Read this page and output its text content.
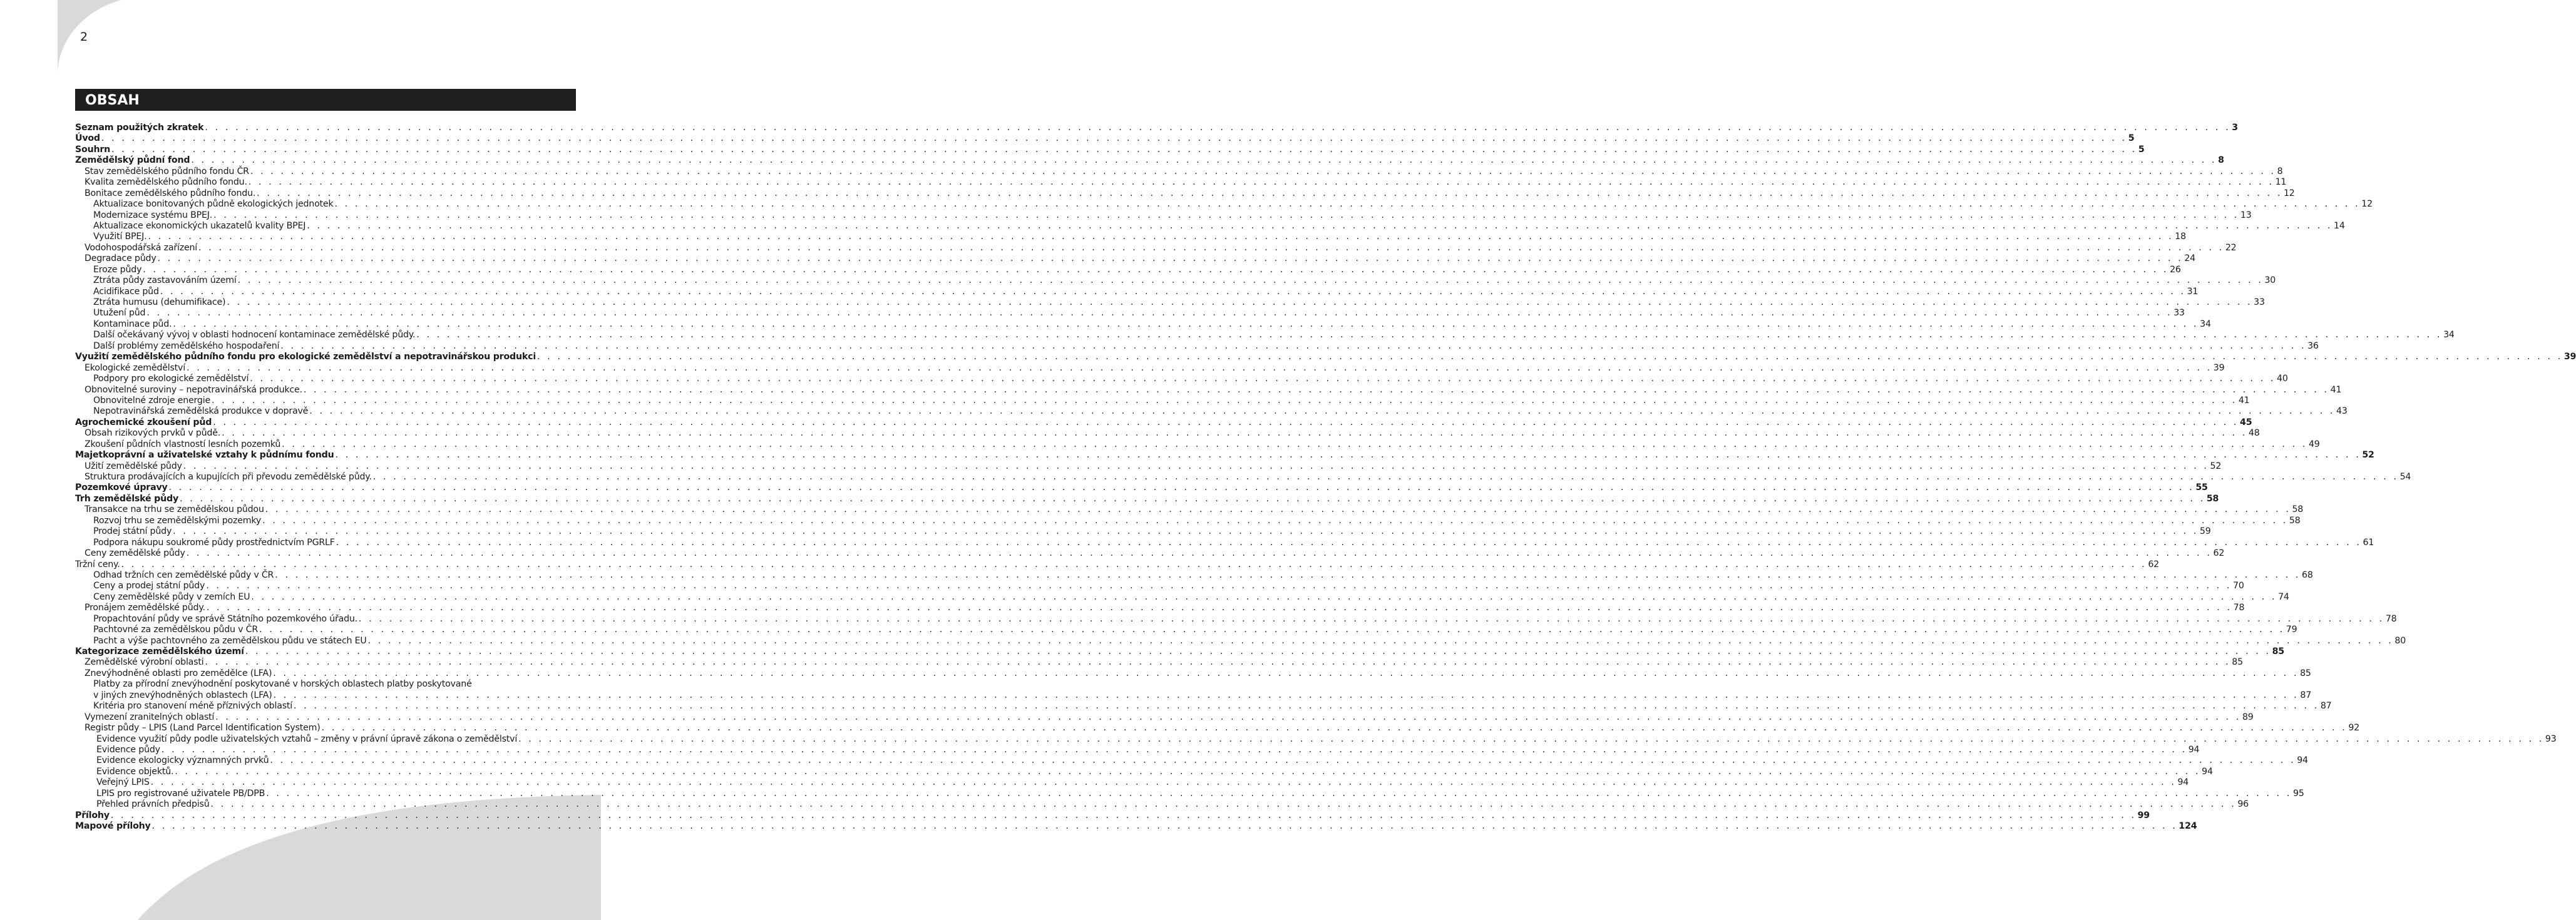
2
OBSAH
Seznam použitých zkratek . . . . . . . . . . . . . . . . . . . . . . . . . . . . . . . . . . . . . . . . . . . . . . . . . . . . . . . . . . . . . . . . . . . . . . . . . . . . . . . . . . . . . . . . . . . . . . . . . . . . . . . . . . . . . . . . . . . . . . . . . . . . . . . . . . . . . . . . . . . . . . . . . . . . . . . . . . . . . . . . . . . . . . . . . . . . . . . . . . . . . . . . . . . . . . . . . . . . . . . . 3
Úvod . . . . . . . . . . . . . . . . . . . . . . . . . . . . . . . . . . . . . . . . . . . . . . . . . . . . . . . . . . . . . . . . . . . . . . . . . . . . . . . . . . . . . . . . . . . . . . . . . . . . . . . . . . . . . . . . . . . . . . . . . . . . . . . . . . . . . . . . . . . . . . . . . . . . . . . . . . . . . . . . . . . . . . . . . . . . . . . . . . . . . . . . . . . . . . . . . . . . . . . . 5
Souhrn . . . . . . . . . . . . . . . . . . . . . . . . . . . . . . . . . . . . . . . . . . . . . . . . . . . . . . . . . . . . . . . . . . . . . . . . . . . . . . . . . . . . . . . . . . . . . . . . . . . . . . . . . . . . . . . . . . . . . . . . . . . . . . . . . . . . . . . . . . . . . . . . . . . . . . . . . . . . . . . . . . . . . . . . . . . . . . . . . . . . . . . . . . . . . . . . . . . . . . . . 5
Zemědělský půdní fond . . . . . . . . . . . . . . . . . . . . . . . . . . . . . . . . . . . . . . . . . . . . . . . . . . . . . . . . . . . . . . . . . . . . . . . . . . . . . . . . . . . . . . . . . . . . . . . . . . . . . . . . . . . . . . . . . . . . . . . . . . . . . . . . . . . . . . . . . . . . . . . . . . . . . . . . . . . . . . . . . . . . . . . . . . . . . . . . . . . . . . . . . . . . . . . . . . . . . . . . 8
Stav zemědělského půdního fondu ČR . . . . . . . . . . . . . . . . . . . . . . . . . . . . . . . . . . . . . . . . . . . . . . . . . . . . . . . . . . . . . . . . . . . . . . . . . . . . . . . . . . . . . . . . . . . . . . . . . . . . . . . . . . . . . . . . . . . . . . . . . . . . . . . . . . . . . . . . . . . . . . . . . . . . . . . . . . . . . . . . . . . . . . . . . . . . . . . . . . . . . . . . . . . . . . . . . . . . . . . . 8
Kvalita zemědělského půdního fondu. . . . . . . . . . . . . . . . . . . . . . . . . . . . . . . . . . . . . . . . . . . . . . . . . . . . . . . . . . . . . . . . . . . . . . . . . . . . . . . . . . . . . . . . . . . . . . . . . . . . . . . . . . . . . . . . . . . . . . . . . . . . . . . . . . . . . . . . . . . . . . . . . . . . . . . . . . . . . . . . . . . . . . . . . . . . . . . . . . . . . . . . . . . . . . . . . . . . . . . . . 11
Bonitace zemědělského půdního fondu. . . . . . . . . . . . . . . . . . . . . . . . . . . . . . . . . . . . . . . . . . . . . . . . . . . . . . . . . . . . . . . . . . . . . . . . . . . . . . . . . . . . . . . . . . . . . . . . . . . . . . . . . . . . . . . . . . . . . . . . . . . . . . . . . . . . . . . . . . . . . . . . . . . . . . . . . . . . . . . . . . . . . . . . . . . . . . . . . . . . . . . . . . . . . . . . . . . . . . . . . 12
Aktualizace bonitovaných půdně ekologických jednotek . . . . . . . . . . . . . . . . . . . . . . . . . . . . . . . . . . . . . . . . . . . . . . . . . . . . . . . . . . . . . . . . . . . . . . . . . . . . . . . . . . . . . . . . . . . . . . . . . . . . . . . . . . . . . . . . . . . . . . . . . . . . . . . . . . . . . . . . . . . . . . . . . . . . . . . . . . . . . . . . . . . . . . . . . . . . . . . . . . . . . . . . . . . . . . . . . . . . . . . . 12
Modernizace systému BPEJ. . . . . . . . . . . . . . . . . . . . . . . . . . . . . . . . . . . . . . . . . . . . . . . . . . . . . . . . . . . . . . . . . . . . . . . . . . . . . . . . . . . . . . . . . . . . . . . . . . . . . . . . . . . . . . . . . . . . . . . . . . . . . . . . . . . . . . . . . . . . . . . . . . . . . . . . . . . . . . . . . . . . . . . . . . . . . . . . . . . . . . . . . . . . . . . . . . . . . . . . . 13
Aktualizace ekonomických ukazatelů kvality BPEJ . . . . . . . . . . . . . . . . . . . . . . . . . . . . . . . . . . . . . . . . . . . . . . . . . . . . . . . . . . . . . . . . . . . . . . . . . . . . . . . . . . . . . . . . . . . . . . . . . . . . . . . . . . . . . . . . . . . . . . . . . . . . . . . . . . . . . . . . . . . . . . . . . . . . . . . . . . . . . . . . . . . . . . . . . . . . . . . . . . . . . . . . . . . . . . . . . . . . . . . . 14
Využití BPEJ. . . . . . . . . . . . . . . . . . . . . . . . . . . . . . . . . . . . . . . . . . . . . . . . . . . . . . . . . . . . . . . . . . . . . . . . . . . . . . . . . . . . . . . . . . . . . . . . . . . . . . . . . . . . . . . . . . . . . . . . . . . . . . . . . . . . . . . . . . . . . . . . . . . . . . . . . . . . . . . . . . . . . . . . . . . . . . . . . . . . . . . . . . . . . . . . . . . . . . . . . 18
Vodohospodářská zařízení . . . . . . . . . . . . . . . . . . . . . . . . . . . . . . . . . . . . . . . . . . . . . . . . . . . . . . . . . . . . . . . . . . . . . . . . . . . . . . . . . . . . . . . . . . . . . . . . . . . . . . . . . . . . . . . . . . . . . . . . . . . . . . . . . . . . . . . . . . . . . . . . . . . . . . . . . . . . . . . . . . . . . . . . . . . . . . . . . . . . . . . . . . . . . . . . . . . . . . . . 22
Degradace půdy . . . . . . . . . . . . . . . . . . . . . . . . . . . . . . . . . . . . . . . . . . . . . . . . . . . . . . . . . . . . . . . . . . . . . . . . . . . . . . . . . . . . . . . . . . . . . . . . . . . . . . . . . . . . . . . . . . . . . . . . . . . . . . . . . . . . . . . . . . . . . . . . . . . . . . . . . . . . . . . . . . . . . . . . . . . . . . . . . . . . . . . . . . . . . . . . . . . . . . . . 24
Eroze půdy . . . . . . . . . . . . . . . . . . . . . . . . . . . . . . . . . . . . . . . . . . . . . . . . . . . . . . . . . . . . . . . . . . . . . . . . . . . . . . . . . . . . . . . . . . . . . . . . . . . . . . . . . . . . . . . . . . . . . . . . . . . . . . . . . . . . . . . . . . . . . . . . . . . . . . . . . . . . . . . . . . . . . . . . . . . . . . . . . . . . . . . . . . . . . . . . . . . . . . . . 26
Ztráta půdy zastavováním území . . . . . . . . . . . . . . . . . . . . . . . . . . . . . . . . . . . . . . . . . . . . . . . . . . . . . . . . . . . . . . . . . . . . . . . . . . . . . . . . . . . . . . . . . . . . . . . . . . . . . . . . . . . . . . . . . . . . . . . . . . . . . . . . . . . . . . . . . . . . . . . . . . . . . . . . . . . . . . . . . . . . . . . . . . . . . . . . . . . . . . . . . . . . . . . . . . . . . . . . 30
Acidifikace půd . . . . . . . . . . . . . . . . . . . . . . . . . . . . . . . . . . . . . . . . . . . . . . . . . . . . . . . . . . . . . . . . . . . . . . . . . . . . . . . . . . . . . . . . . . . . . . . . . . . . . . . . . . . . . . . . . . . . . . . . . . . . . . . . . . . . . . . . . . . . . . . . . . . . . . . . . . . . . . . . . . . . . . . . . . . . . . . . . . . . . . . . . . . . . . . . . . . . . . . . 31
Ztráta humusu (dehumifikace) . . . . . . . . . . . . . . . . . . . . . . . . . . . . . . . . . . . . . . . . . . . . . . . . . . . . . . . . . . . . . . . . . . . . . . . . . . . . . . . . . . . . . . . . . . . . . . . . . . . . . . . . . . . . . . . . . . . . . . . . . . . . . . . . . . . . . . . . . . . . . . . . . . . . . . . . . . . . . . . . . . . . . . . . . . . . . . . . . . . . . . . . . . . . . . . . . . . . . . . . 33
Utužení půd . . . . . . . . . . . . . . . . . . . . . . . . . . . . . . . . . . . . . . . . . . . . . . . . . . . . . . . . . . . . . . . . . . . . . . . . . . . . . . . . . . . . . . . . . . . . . . . . . . . . . . . . . . . . . . . . . . . . . . . . . . . . . . . . . . . . . . . . . . . . . . . . . . . . . . . . . . . . . . . . . . . . . . . . . . . . . . . . . . . . . . . . . . . . . . . . . . . . . . . . 33
Kontaminace půd. . . . . . . . . . . . . . . . . . . . . . . . . . . . . . . . . . . . . . . . . . . . . . . . . . . . . . . . . . . . . . . . . . . . . . . . . . . . . . . . . . . . . . . . . . . . . . . . . . . . . . . . . . . . . . . . . . . . . . . . . . . . . . . . . . . . . . . . . . . . . . . . . . . . . . . . . . . . . . . . . . . . . . . . . . . . . . . . . . . . . . . . . . . . . . . . . . . . . . . . . 34
Další očekávaný vývoj v oblasti hodnocení kontaminace zemědělské půdy. . . . . . . . . . . . . . . . . . . . . . . . . . . . . . . . . . . . . . . . . . . . . . . . . . . . . . . . . . . . . . . . . . . . . . . . . . . . . . . . . . . . . . . . . . . . . . . . . . . . . . . . . . . . . . . . . . . . . . . . . . . . . . . . . . . . . . . . . . . . . . . . . . . . . . . . . . . . . . . . . . . . . . . . . . . . . . . . . . . . . . . . . . . . . . . . . . . . . . . . . 34
Další problémy zemědělského hospodaření . . . . . . . . . . . . . . . . . . . . . . . . . . . . . . . . . . . . . . . . . . . . . . . . . . . . . . . . . . . . . . . . . . . . . . . . . . . . . . . . . . . . . . . . . . . . . . . . . . . . . . . . . . . . . . . . . . . . . . . . . . . . . . . . . . . . . . . . . . . . . . . . . . . . . . . . . . . . . . . . . . . . . . . . . . . . . . . . . . . . . . . . . . . . . . . . . . . . . . . . 36
Využití zemědělského půdního fondu pro ekologické zemědělství a nepotravinářskou produkci . . . . . . . . . . . . . . . . . . . . . . . . . . . . . . . . . . . . . . . . . . . . . . . . . . . . . . . . . . . . . . . . . . . . . . . . . . . . . . . . . . . . . . . . . . . . . . . . . . . . . . . . . . . . . . . . . . . . . . . . . . . . . . . . . . . . . . . . . . . . . . . . . . . . . . . . . . . . . . . . . . . . . . . . . . . . . . . . . . . . . . . . . . . . . . . . . . . . . . . . 39
Ekologické zemědělství . . . . . . . . . . . . . . . . . . . . . . . . . . . . . . . . . . . . . . . . . . . . . . . . . . . . . . . . . . . . . . . . . . . . . . . . . . . . . . . . . . . . . . . . . . . . . . . . . . . . . . . . . . . . . . . . . . . . . . . . . . . . . . . . . . . . . . . . . . . . . . . . . . . . . . . . . . . . . . . . . . . . . . . . . . . . . . . . . . . . . . . . . . . . . . . . . . . . . . . . 39
Podpory pro ekologické zemědělství . . . . . . . . . . . . . . . . . . . . . . . . . . . . . . . . . . . . . . . . . . . . . . . . . . . . . . . . . . . . . . . . . . . . . . . . . . . . . . . . . . . . . . . . . . . . . . . . . . . . . . . . . . . . . . . . . . . . . . . . . . . . . . . . . . . . . . . . . . . . . . . . . . . . . . . . . . . . . . . . . . . . . . . . . . . . . . . . . . . . . . . . . . . . . . . . . . . . . . . . 40
Obnovitelné suroviny – nepotravinářská produkce. . . . . . . . . . . . . . . . . . . . . . . . . . . . . . . . . . . . . . . . . . . . . . . . . . . . . . . . . . . . . . . . . . . . . . . . . . . . . . . . . . . . . . . . . . . . . . . . . . . . . . . . . . . . . . . . . . . . . . . . . . . . . . . . . . . . . . . . . . . . . . . . . . . . . . . . . . . . . . . . . . . . . . . . . . . . . . . . . . . . . . . . . . . . . . . . . . . . . . . . . 41
Obnovitelné zdroje energie . . . . . . . . . . . . . . . . . . . . . . . . . . . . . . . . . . . . . . . . . . . . . . . . . . . . . . . . . . . . . . . . . . . . . . . . . . . . . . . . . . . . . . . . . . . . . . . . . . . . . . . . . . . . . . . . . . . . . . . . . . . . . . . . . . . . . . . . . . . . . . . . . . . . . . . . . . . . . . . . . . . . . . . . . . . . . . . . . . . . . . . . . . . . . . . . . . . . . . . . 41
Nepotravinářská zemědělská produkce v dopravě . . . . . . . . . . . . . . . . . . . . . . . . . . . . . . . . . . . . . . . . . . . . . . . . . . . . . . . . . . . . . . . . . . . . . . . . . . . . . . . . . . . . . . . . . . . . . . . . . . . . . . . . . . . . . . . . . . . . . . . . . . . . . . . . . . . . . . . . . . . . . . . . . . . . . . . . . . . . . . . . . . . . . . . . . . . . . . . . . . . . . . . . . . . . . . . . . . . . . . . . 43
Agrochemické zkoušení půd . . . . . . . . . . . . . . . . . . . . . . . . . . . . . . . . . . . . . . . . . . . . . . . . . . . . . . . . . . . . . . . . . . . . . . . . . . . . . . . . . . . . . . . . . . . . . . . . . . . . . . . . . . . . . . . . . . . . . . . . . . . . . . . . . . . . . . . . . . . . . . . . . . . . . . . . . . . . . . . . . . . . . . . . . . . . . . . . . . . . . . . . . . . . . . . . . . . . . . . . 45
Obsah rizikových prvků v půdě. . . . . . . . . . . . . . . . . . . . . . . . . . . . . . . . . . . . . . . . . . . . . . . . . . . . . . . . . . . . . . . . . . . . . . . . . . . . . . . . . . . . . . . . . . . . . . . . . . . . . . . . . . . . . . . . . . . . . . . . . . . . . . . . . . . . . . . . . . . . . . . . . . . . . . . . . . . . . . . . . . . . . . . . . . . . . . . . . . . . . . . . . . . . . . . . . . . . . . . . . 48
Zkoušení půdních vlastností lesních pozemků . . . . . . . . . . . . . . . . . . . . . . . . . . . . . . . . . . . . . . . . . . . . . . . . . . . . . . . . . . . . . . . . . . . . . . . . . . . . . . . . . . . . . . . . . . . . . . . . . . . . . . . . . . . . . . . . . . . . . . . . . . . . . . . . . . . . . . . . . . . . . . . . . . . . . . . . . . . . . . . . . . . . . . . . . . . . . . . . . . . . . . . . . . . . . . . . . . . . . . . . 49
Majetkoprávní a uživatelské vztahy k půdnímu fondu . . . . . . . . . . . . . . . . . . . . . . . . . . . . . . . . . . . . . . . . . . . . . . . . . . . . . . . . . . . . . . . . . . . . . . . . . . . . . . . . . . . . . . . . . . . . . . . . . . . . . . . . . . . . . . . . . . . . . . . . . . . . . . . . . . . . . . . . . . . . . . . . . . . . . . . . . . . . . . . . . . . . . . . . . . . . . . . . . . . . . . . . . . . . . . . . . . . . . . . . 52
Užití zemědělské půdy . . . . . . . . . . . . . . . . . . . . . . . . . . . . . . . . . . . . . . . . . . . . . . . . . . . . . . . . . . . . . . . . . . . . . . . . . . . . . . . . . . . . . . . . . . . . . . . . . . . . . . . . . . . . . . . . . . . . . . . . . . . . . . . . . . . . . . . . . . . . . . . . . . . . . . . . . . . . . . . . . . . . . . . . . . . . . . . . . . . . . . . . . . . . . . . . . . . . . . . . 52
Struktura prodávajících a kupujících při převodu zemědělské půdy. . . . . . . . . . . . . . . . . . . . . . . . . . . . . . . . . . . . . . . . . . . . . . . . . . . . . . . . . . . . . . . . . . . . . . . . . . . . . . . . . . . . . . . . . . . . . . . . . . . . . . . . . . . . . . . . . . . . . . . . . . . . . . . . . . . . . . . . . . . . . . . . . . . . . . . . . . . . . . . . . . . . . . . . . . . . . . . . . . . . . . . . . . . . . . . . . . . . . . . . . 54
Pozemkové úpravy . . . . . . . . . . . . . . . . . . . . . . . . . . . . . . . . . . . . . . . . . . . . . . . . . . . . . . . . . . . . . . . . . . . . . . . . . . . . . . . . . . . . . . . . . . . . . . . . . . . . . . . . . . . . . . . . . . . . . . . . . . . . . . . . . . . . . . . . . . . . . . . . . . . . . . . . . . . . . . . . . . . . . . . . . . . . . . . . . . . . . . . . . . . . . . . . . . . . . . . . 55
Trh zemědělské půdy . . . . . . . . . . . . . . . . . . . . . . . . . . . . . . . . . . . . . . . . . . . . . . . . . . . . . . . . . . . . . . . . . . . . . . . . . . . . . . . . . . . . . . . . . . . . . . . . . . . . . . . . . . . . . . . . . . . . . . . . . . . . . . . . . . . . . . . . . . . . . . . . . . . . . . . . . . . . . . . . . . . . . . . . . . . . . . . . . . . . . . . . . . . . . . . . . . . . . . . . 58
Transakce na trhu se zemědělskou půdou . . . . . . . . . . . . . . . . . . . . . . . . . . . . . . . . . . . . . . . . . . . . . . . . . . . . . . . . . . . . . . . . . . . . . . . . . . . . . . . . . . . . . . . . . . . . . . . . . . . . . . . . . . . . . . . . . . . . . . . . . . . . . . . . . . . . . . . . . . . . . . . . . . . . . . . . . . . . . . . . . . . . . . . . . . . . . . . . . . . . . . . . . . . . . . . . . . . . . . . . 58
Rozvoj trhu se zemědělskými pozemky . . . . . . . . . . . . . . . . . . . . . . . . . . . . . . . . . . . . . . . . . . . . . . . . . . . . . . . . . . . . . . . . . . . . . . . . . . . . . . . . . . . . . . . . . . . . . . . . . . . . . . . . . . . . . . . . . . . . . . . . . . . . . . . . . . . . . . . . . . . . . . . . . . . . . . . . . . . . . . . . . . . . . . . . . . . . . . . . . . . . . . . . . . . . . . . . . . . . . . . . 58
Prodej státní půdy . . . . . . . . . . . . . . . . . . . . . . . . . . . . . . . . . . . . . . . . . . . . . . . . . . . . . . . . . . . . . . . . . . . . . . . . . . . . . . . . . . . . . . . . . . . . . . . . . . . . . . . . . . . . . . . . . . . . . . . . . . . . . . . . . . . . . . . . . . . . . . . . . . . . . . . . . . . . . . . . . . . . . . . . . . . . . . . . . . . . . . . . . . . . . . . . . . . . . . . . 59
Podpora nákupu soukromé půdy prostřednictvím PGRLF . . . . . . . . . . . . . . . . . . . . . . . . . . . . . . . . . . . . . . . . . . . . . . . . . . . . . . . . . . . . . . . . . . . . . . . . . . . . . . . . . . . . . . . . . . . . . . . . . . . . . . . . . . . . . . . . . . . . . . . . . . . . . . . . . . . . . . . . . . . . . . . . . . . . . . . . . . . . . . . . . . . . . . . . . . . . . . . . . . . . . . . . . . . . . . . . . . . . . . . . 61
Ceny zemědělské půdy . . . . . . . . . . . . . . . . . . . . . . . . . . . . . . . . . . . . . . . . . . . . . . . . . . . . . . . . . . . . . . . . . . . . . . . . . . . . . . . . . . . . . . . . . . . . . . . . . . . . . . . . . . . . . . . . . . . . . . . . . . . . . . . . . . . . . . . . . . . . . . . . . . . . . . . . . . . . . . . . . . . . . . . . . . . . . . . . . . . . . . . . . . . . . . . . . . . . . . . . 62
Tržní ceny. . . . . . . . . . . . . . . . . . . . . . . . . . . . . . . . . . . . . . . . . . . . . . . . . . . . . . . . . . . . . . . . . . . . . . . . . . . . . . . . . . . . . . . . . . . . . . . . . . . . . . . . . . . . . . . . . . . . . . . . . . . . . . . . . . . . . . . . . . . . . . . . . . . . . . . . . . . . . . . . . . . . . . . . . . . . . . . . . . . . . . . . . . . . . . . . . . . . . . . . . 62
Odhad tržních cen zemědělské půdy v ČR . . . . . . . . . . . . . . . . . . . . . . . . . . . . . . . . . . . . . . . . . . . . . . . . . . . . . . . . . . . . . . . . . . . . . . . . . . . . . . . . . . . . . . . . . . . . . . . . . . . . . . . . . . . . . . . . . . . . . . . . . . . . . . . . . . . . . . . . . . . . . . . . . . . . . . . . . . . . . . . . . . . . . . . . . . . . . . . . . . . . . . . . . . . . . . . . . . . . . . . . 68
Ceny a prodej státní půdy . . . . . . . . . . . . . . . . . . . . . . . . . . . . . . . . . . . . . . . . . . . . . . . . . . . . . . . . . . . . . . . . . . . . . . . . . . . . . . . . . . . . . . . . . . . . . . . . . . . . . . . . . . . . . . . . . . . . . . . . . . . . . . . . . . . . . . . . . . . . . . . . . . . . . . . . . . . . . . . . . . . . . . . . . . . . . . . . . . . . . . . . . . . . . . . . . . . . . . . . 70
Ceny zemědělské půdy v zemích EU . . . . . . . . . . . . . . . . . . . . . . . . . . . . . . . . . . . . . . . . . . . . . . . . . . . . . . . . . . . . . . . . . . . . . . . . . . . . . . . . . . . . . . . . . . . . . . . . . . . . . . . . . . . . . . . . . . . . . . . . . . . . . . . . . . . . . . . . . . . . . . . . . . . . . . . . . . . . . . . . . . . . . . . . . . . . . . . . . . . . . . . . . . . . . . . . . . . . . . . . 74
Pronájem zemědělské půdy. . . . . . . . . . . . . . . . . . . . . . . . . . . . . . . . . . . . . . . . . . . . . . . . . . . . . . . . . . . . . . . . . . . . . . . . . . . . . . . . . . . . . . . . . . . . . . . . . . . . . . . . . . . . . . . . . . . . . . . . . . . . . . . . . . . . . . . . . . . . . . . . . . . . . . . . . . . . . . . . . . . . . . . . . . . . . . . . . . . . . . . . . . . . . . . . . . . . . . . . . 78
Propachtování půdy ve správě Státního pozemkového úřadu. . . . . . . . . . . . . . . . . . . . . . . . . . . . . . . . . . . . . . . . . . . . . . . . . . . . . . . . . . . . . . . . . . . . . . . . . . . . . . . . . . . . . . . . . . . . . . . . . . . . . . . . . . . . . . . . . . . . . . . . . . . . . . . . . . . . . . . . . . . . . . . . . . . . . . . . . . . . . . . . . . . . . . . . . . . . . . . . . . . . . . . . . . . . . . . . . . . . . . . . . 78
Pachtovné za zemědělskou půdu v ČR . . . . . . . . . . . . . . . . . . . . . . . . . . . . . . . . . . . . . . . . . . . . . . . . . . . . . . . . . . . . . . . . . . . . . . . . . . . . . . . . . . . . . . . . . . . . . . . . . . . . . . . . . . . . . . . . . . . . . . . . . . . . . . . . . . . . . . . . . . . . . . . . . . . . . . . . . . . . . . . . . . . . . . . . . . . . . . . . . . . . . . . . . . . . . . . . . . . . . . . . 79
Pacht a výše pachtovného za zemědělskou půdu ve státech EU . . . . . . . . . . . . . . . . . . . . . . . . . . . . . . . . . . . . . . . . . . . . . . . . . . . . . . . . . . . . . . . . . . . . . . . . . . . . . . . . . . . . . . . . . . . . . . . . . . . . . . . . . . . . . . . . . . . . . . . . . . . . . . . . . . . . . . . . . . . . . . . . . . . . . . . . . . . . . . . . . . . . . . . . . . . . . . . . . . . . . . . . . . . . . . . . . . . . . . . . 80
Kategorizace zemědělského území . . . . . . . . . . . . . . . . . . . . . . . . . . . . . . . . . . . . . . . . . . . . . . . . . . . . . . . . . . . . . . . . . . . . . . . . . . . . . . . . . . . . . . . . . . . . . . . . . . . . . . . . . . . . . . . . . . . . . . . . . . . . . . . . . . . . . . . . . . . . . . . . . . . . . . . . . . . . . . . . . . . . . . . . . . . . . . . . . . . . . . . . . . . . . . . . . . . . . . . . 85
Zemědělské výrobní oblasti . . . . . . . . . . . . . . . . . . . . . . . . . . . . . . . . . . . . . . . . . . . . . . . . . . . . . . . . . . . . . . . . . . . . . . . . . . . . . . . . . . . . . . . . . . . . . . . . . . . . . . . . . . . . . . . . . . . . . . . . . . . . . . . . . . . . . . . . . . . . . . . . . . . . . . . . . . . . . . . . . . . . . . . . . . . . . . . . . . . . . . . . . . . . . . . . . . . . . . . . 85
Znevýhodněné oblasti pro zemědělce (LFA) . . . . . . . . . . . . . . . . . . . . . . . . . . . . . . . . . . . . . . . . . . . . . . . . . . . . . . . . . . . . . . . . . . . . . . . . . . . . . . . . . . . . . . . . . . . . . . . . . . . . . . . . . . . . . . . . . . . . . . . . . . . . . . . . . . . . . . . . . . . . . . . . . . . . . . . . . . . . . . . . . . . . . . . . . . . . . . . . . . . . . . . . . . . . . . . . . . . . . . . . 85
Platby za přírodní znevýhodnění poskytované v horských oblastech platby poskytované
v jiných znevýhodněných oblastech (LFA) . . . . . . . . . . . . . . . . . . . . . . . . . . . . . . . . . . . . . . . . . . . . . . . . . . . . . . . . . . . . . . . . . . . . . . . . . . . . . . . . . . . . . . . . . . . . . . . . . . . . . . . . . . . . . . . . . . . . . . . . . . . . . . . . . . . . . . . . . . . . . . . . . . . . . . . . . . . . . . . . . . . . . . . . . . . . . . . . . . . . . . . . . . . . . . . . . . . . . . . . 87
Kritéria pro stanovení méně příznivých oblastí . . . . . . . . . . . . . . . . . . . . . . . . . . . . . . . . . . . . . . . . . . . . . . . . . . . . . . . . . . . . . . . . . . . . . . . . . . . . . . . . . . . . . . . . . . . . . . . . . . . . . . . . . . . . . . . . . . . . . . . . . . . . . . . . . . . . . . . . . . . . . . . . . . . . . . . . . . . . . . . . . . . . . . . . . . . . . . . . . . . . . . . . . . . . . . . . . . . . . . . . 87
Vymezení zranitelných oblastí . . . . . . . . . . . . . . . . . . . . . . . . . . . . . . . . . . . . . . . . . . . . . . . . . . . . . . . . . . . . . . . . . . . . . . . . . . . . . . . . . . . . . . . . . . . . . . . . . . . . . . . . . . . . . . . . . . . . . . . . . . . . . . . . . . . . . . . . . . . . . . . . . . . . . . . . . . . . . . . . . . . . . . . . . . . . . . . . . . . . . . . . . . . . . . . . . . . . . . . . 89
Registr půdy – LPIS (Land Parcel Identification System) . . . . . . . . . . . . . . . . . . . . . . . . . . . . . . . . . . . . . . . . . . . . . . . . . . . . . . . . . . . . . . . . . . . . . . . . . . . . . . . . . . . . . . . . . . . . . . . . . . . . . . . . . . . . . . . . . . . . . . . . . . . . . . . . . . . . . . . . . . . . . . . . . . . . . . . . . . . . . . . . . . . . . . . . . . . . . . . . . . . . . . . . . . . . . . . . . . . . . . . . 92
Evidence využití půdy podle uživatelských vztahů – změny v právní úpravě zákona o zemědělství . . . . . . . . . . . . . . . . . . . . . . . . . . . . . . . . . . . . . . . . . . . . . . . . . . . . . . . . . . . . . . . . . . . . . . . . . . . . . . . . . . . . . . . . . . . . . . . . . . . . . . . . . . . . . . . . . . . . . . . . . . . . . . . . . . . . . . . . . . . . . . . . . . . . . . . . . . . . . . . . . . . . . . . . . . . . . . . . . . . . . . . . . . . . . . . . . . . . . . . . 93
Evidence půdy . . . . . . . . . . . . . . . . . . . . . . . . . . . . . . . . . . . . . . . . . . . . . . . . . . . . . . . . . . . . . . . . . . . . . . . . . . . . . . . . . . . . . . . . . . . . . . . . . . . . . . . . . . . . . . . . . . . . . . . . . . . . . . . . . . . . . . . . . . . . . . . . . . . . . . . . . . . . . . . . . . . . . . . . . . . . . . . . . . . . . . . . . . . . . . . . . . . . . . . . 94
Evidence ekologicky významných prvků . . . . . . . . . . . . . . . . . . . . . . . . . . . . . . . . . . . . . . . . . . . . . . . . . . . . . . . . . . . . . . . . . . . . . . . . . . . . . . . . . . . . . . . . . . . . . . . . . . . . . . . . . . . . . . . . . . . . . . . . . . . . . . . . . . . . . . . . . . . . . . . . . . . . . . . . . . . . . . . . . . . . . . . . . . . . . . . . . . . . . . . . . . . . . . . . . . . . . . . . 94
Evidence objektů. . . . . . . . . . . . . . . . . . . . . . . . . . . . . . . . . . . . . . . . . . . . . . . . . . . . . . . . . . . . . . . . . . . . . . . . . . . . . . . . . . . . . . . . . . . . . . . . . . . . . . . . . . . . . . . . . . . . . . . . . . . . . . . . . . . . . . . . . . . . . . . . . . . . . . . . . . . . . . . . . . . . . . . . . . . . . . . . . . . . . . . . . . . . . . . . . . . . . . . . . 94
Veřejný LPIS . . . . . . . . . . . . . . . . . . . . . . . . . . . . . . . . . . . . . . . . . . . . . . . . . . . . . . . . . . . . . . . . . . . . . . . . . . . . . . . . . . . . . . . . . . . . . . . . . . . . . . . . . . . . . . . . . . . . . . . . . . . . . . . . . . . . . . . . . . . . . . . . . . . . . . . . . . . . . . . . . . . . . . . . . . . . . . . . . . . . . . . . . . . . . . . . . . . . . . . . 94
LPIS pro registrované uživatele PB/DPB . . . . . . . . . . . . . . . . . . . . . . . . . . . . . . . . . . . . . . . . . . . . . . . . . . . . . . . . . . . . . . . . . . . . . . . . . . . . . . . . . . . . . . . . . . . . . . . . . . . . . . . . . . . . . . . . . . . . . . . . . . . . . . . . . . . . . . . . . . . . . . . . . . . . . . . . . . . . . . . . . . . . . . . . . . . . . . . . . . . . . . . . . . . . . . . . . . . . . . . . 95
Přehled právních předpisů . . . . . . . . . . . . . . . . . . . . . . . . . . . . . . . . . . . . . . . . . . . . . . . . . . . . . . . . . . . . . . . . . . . . . . . . . . . . . . . . . . . . . . . . . . . . . . . . . . . . . . . . . . . . . . . . . . . . . . . . . . . . . . . . . . . . . . . . . . . . . . . . . . . . . . . . . . . . . . . . . . . . . . . . . . . . . . . . . . . . . . . . . . . . . . . . . . . . . . . . 96
Přílohy . . . . . . . . . . . . . . . . . . . . . . . . . . . . . . . . . . . . . . . . . . . . . . . . . . . . . . . . . . . . . . . . . . . . . . . . . . . . . . . . . . . . . . . . . . . . . . . . . . . . . . . . . . . . . . . . . . . . . . . . . . . . . . . . . . . . . . . . . . . . . . . . . . . . . . . . . . . . . . . . . . . . . . . . . . . . . . . . . . . . . . . . . . . . . . . . . . . . . . . . 99
Mapové přílohy . . . . . . . . . . . . . . . . . . . . . . . . . . . . . . . . . . . . . . . . . . . . . . . . . . . . . . . . . . . . . . . . . . . . . . . . . . . . . . . . . . . . . . . . . . . . . . . . . . . . . . . . . . . . . . . . . . . . . . . . . . . . . . . . . . . . . . . . . . . . . . . . . . . . . . . . . . . . . . . . . . . . . . . . . . . . . . . . . . . . . . . . . . . . . . . . . . . . . . . . 124
